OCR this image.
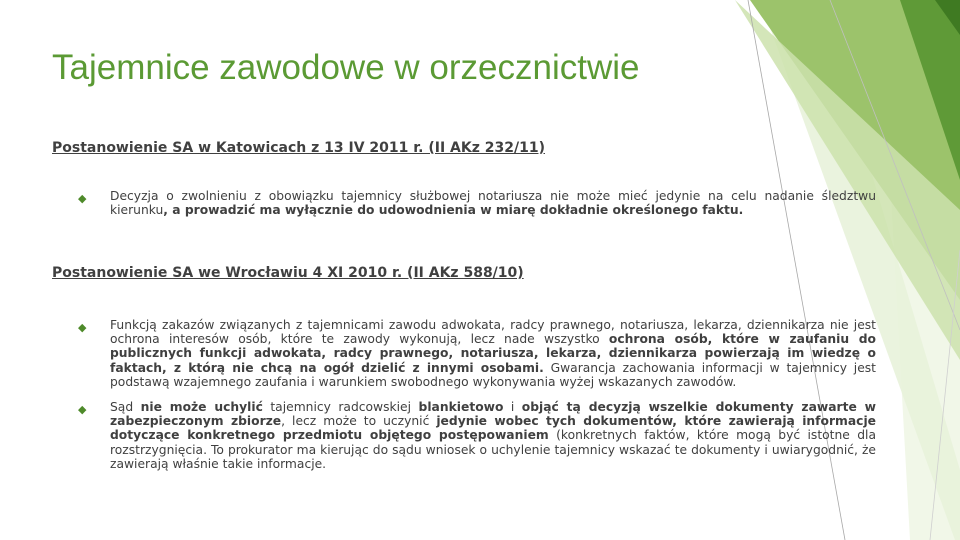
Tajemnice zawodowe w orzecznictwie
Postanowienie SA w Katowicach z 13 IV 2011 r. (II AKz 232/11)
◆ Decyzja o zwolnieniu z obowiązku tajemnicy służbowej notariusza nie może mieć jedynie na celu nadanie śledztwu kierunku, a prowadzić ma wyłącznie do udowodnienia w miarę dokładnie określonego faktu.

Postanowienie SA we Wrocławiu 4 XI 2010 r. (II AKz 588/10)
◆ Funkcją zakazów związanych z tajemnicami zawodu adwokata, radcy prawnego, notariusza, lekarza, dziennikarza nie jest ochrona interesów osób, które te zawody wykonują, lecz nade wszystko ochrona osób, które w zaufaniu do publicznych funkcji adwokata, radcy prawnego, notariusza, lekarza, dziennikarza powierzają im wiedzę o faktach, z którą nie chcą na ogół dzielić z innymi osobami. Gwarancja zachowania informacji w tajemnicy jest podstawą wzajemnego zaufania i warunkiem swobodnego wykonywania wyżej wskazanych zawodów.

◆ Sąd nie może uchylić tajemnicy radcowskiej blankietowo i objąć tą decyzją wszelkie dokumenty zawarte w zabezpieczonym zbiorze, lecz może to uczynić jedynie wobec tych dokumentów, które zawierają informacje dotyczące konkretnego przedmiotu objętego postępowaniem (konkretnych faktów, które mogą być istotne dla rozstrzygnięcia. To prokurator ma kierując do sądu wniosek o uchylenie tajemnicy wskazać te dokumenty i uwiarygodnić, że zawierają właśnie takie informacje.
